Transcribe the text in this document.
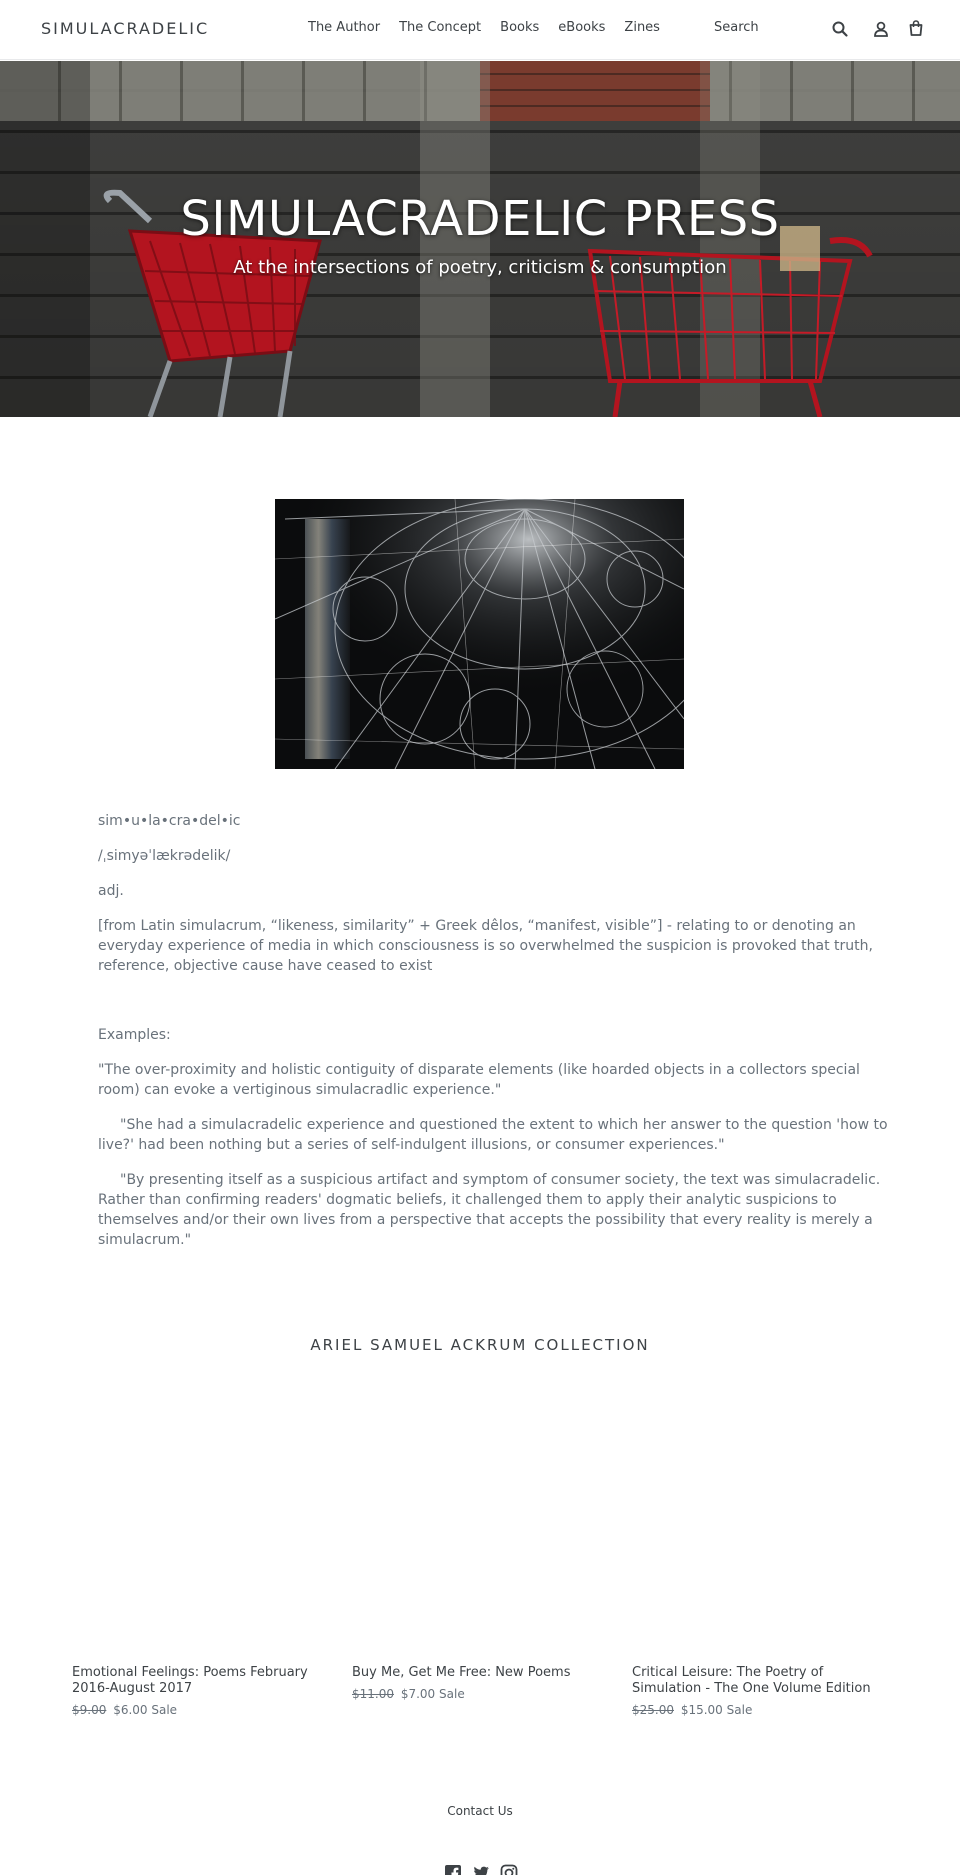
SIMULACRADELIC	The Author The Concept Books eBooks Zines	Search
SIMULACRADELIC PRESS
At the intersections of poetry, criticism & consumption

sim•u•la•cra•del•ic

/ˌsimyəˈlækrədelik/

adj.

[from Latin simulacrum, “likeness, similarity” + Greek dêlos, “manifest, visible”] - relating to or denoting an everyday experience of media in which consciousness is so overwhelmed the suspicion is provoked that truth, reference, objective cause have ceased to exist

Examples:

"The over-proximity and holistic contiguity of disparate elements (like hoarded objects in a collectors special room) can evoke a vertiginous simulacradlic experience."

"She had a simulacradelic experience and questioned the extent to which her answer to the question 'how to live?' had been nothing but a series of self-indulgent illusions, or consumer experiences."

"By presenting itself as a suspicious artifact and symptom of consumer society, the text was simulacradelic. Rather than confirming readers' dogmatic beliefs, it challenged them to apply their analytic suspicions to themselves and/or their own lives from a perspective that accepts the possibility that every reality is merely a simulacrum."

ARIEL SAMUEL ACKRUM COLLECTION
Emotional Feelings: Poems February 2016-August 2017
$9.00 $6.00 Sale
Buy Me, Get Me Free: New Poems
$11.00 $7.00 Sale
Critical Leisure: The Poetry of Simulation - The One Volume Edition
$25.00 $15.00 Sale
Contact Us
